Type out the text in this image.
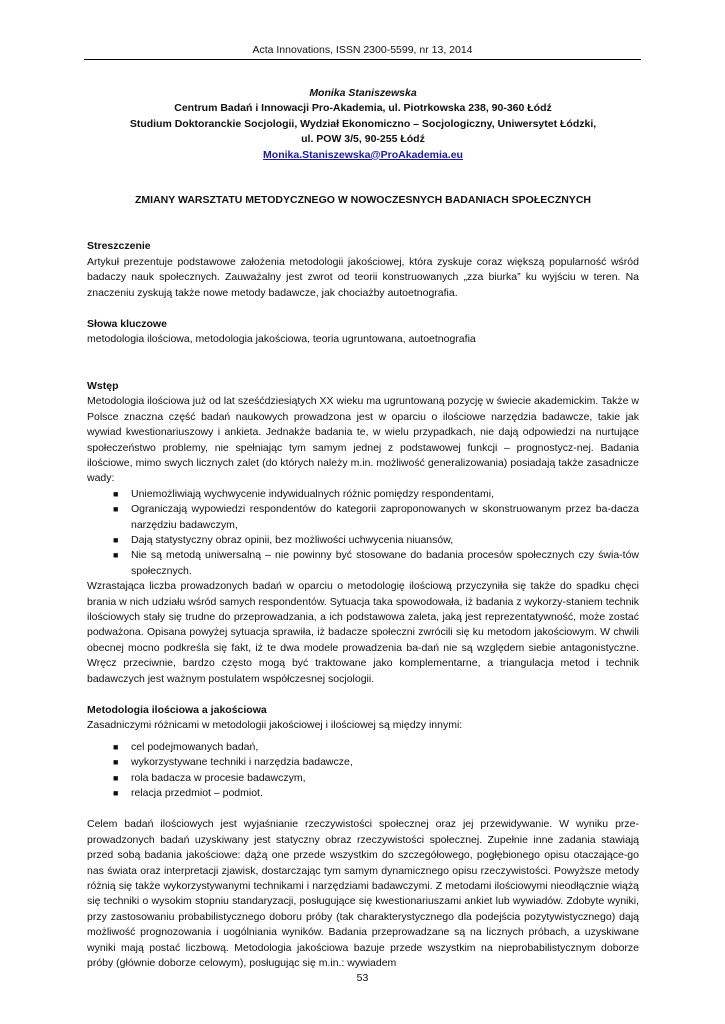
Acta Innovations, ISSN 2300-5599, nr 13, 2014
Monika Staniszewska
Centrum Badań i Innowacji Pro-Akademia, ul. Piotrkowska 238, 90-360 Łódź
Studium Doktoranckie Socjologii, Wydział Ekonomiczno – Socjologiczny, Uniwersytet Łódzki,
ul. POW 3/5, 90-255 Łódź
Monika.Staniszewska@ProAkademia.eu
ZMIANY WARSZTATU METODYCZNEGO W NOWOCZESNYCH BADANIACH SPOŁECZNYCH
Streszczenie

Artykuł prezentuje podstawowe założenia metodologii jakościowej, która zyskuje coraz większą popularność wśród badaczy nauk społecznych. Zauważalny jest zwrot od teorii konstruowanych „zza biurka” ku wyjściu w teren. Na znaczeniu zyskują także nowe metody badawcze, jak chociażby autoetnografia.

Słowa kluczowe

metodologia ilościowa, metodologia jakościowa, teoria ugruntowana, autoetnografia

Wstęp

Metodologia ilościowa już od lat sześćdziesiątych XX wieku ma ugruntowaną pozycję w świecie akademickim. Także w Polsce znaczna część badań naukowych prowadzona jest w oparciu o ilościowe narzędzia badawcze, takie jak wywiad kwestionariuszowy i ankieta. Jednakże badania te, w wielu przypadkach, nie dają odpowiedzi na nurtujące społeczeństwo problemy, nie spełniając tym samym jednej z podstawowej funkcji – prognostycz-nej. Badania ilościowe, mimo swych licznych zalet (do których należy m.in. możliwość generalizowania) posiadają także zasadnicze wady:

■ Uniemożliwiają wychwycenie indywidualnych różnic pomiędzy respondentami,
■ Ograniczają wypowiedzi respondentów do kategorii zaproponowanych w skonstruowanym przez ba-dacza narzędziu badawczym,
■ Dają statystyczny obraz opinii, bez możliwości uchwycenia niuansów,
■ Nie są metodą uniwersalną – nie powinny być stosowane do badania procesów społecznych czy świa-tów społecznych.

Wzrastająca liczba prowadzonych badań w oparciu o metodologię ilościową przyczyniła się także do spadku chęci brania w nich udziału wśród samych respondentów. Sytuacja taka spowodowała, iż badania z wykorzy-staniem technik ilościowych stały się trudne do przeprowadzania, a ich podstawowa zaleta, jaką jest reprezentatywność, może zostać podważona. Opisana powyżej sytuacja sprawiła, iż badacze społeczni zwrócili się ku metodom jakościowym. W chwili obecnej mocno podkreśla się fakt, iż te dwa modele prowadzenia ba-dań nie są względem siebie antagonistyczne. Wręcz przeciwnie, bardzo często mogą być traktowane jako komplementarne, a triangulacja metod i technik badawczych jest ważnym postulatem współczesnej socjologii.

Metodologia ilościowa a jakościowa

Zasadniczymi różnicami w metodologii jakościowej i ilościowej są między innymi:

■ cel podejmowanych badań,
■ wykorzystywane techniki i narzędzia badawcze,
■ rola badacza w procesie badawczym,
■ relacja przedmiot – podmiot.

Celem badań ilościowych jest wyjaśnianie rzeczywistości społecznej oraz jej przewidywanie. W wyniku prze-prowadzonych badań uzyskiwany jest statyczny obraz rzeczywistości społecznej. Zupełnie inne zadania stawiają przed sobą badania jakościowe: dążą one przede wszystkim do szczegółowego, pogłębionego opisu otaczające-go nas świata oraz interpretacji zjawisk, dostarczając tym samym dynamicznego opisu rzeczywistości. Powyższe metody różnią się także wykorzystywanymi technikami i narzędziami badawczymi. Z metodami ilościowymi nieodłącznie wiążą się techniki o wysokim stopniu standaryzacji, posługujące się kwestionariuszami ankiet lub wywiadów. Zdobyte wyniki, przy zastosowaniu probabilistycznego doboru próby (tak charakterystycznego dla podejścia pozytywistycznego) dają możliwość prognozowania i uogólniania wyników. Badania przeprowadzane są na licznych próbach, a uzyskiwane wyniki mają postać liczbową. Metodologia jakościowa bazuje przede wszystkim na nieprobabilistycznym doborze próby (głównie doborze celowym), posługując się m.in.: wywiadem

53
